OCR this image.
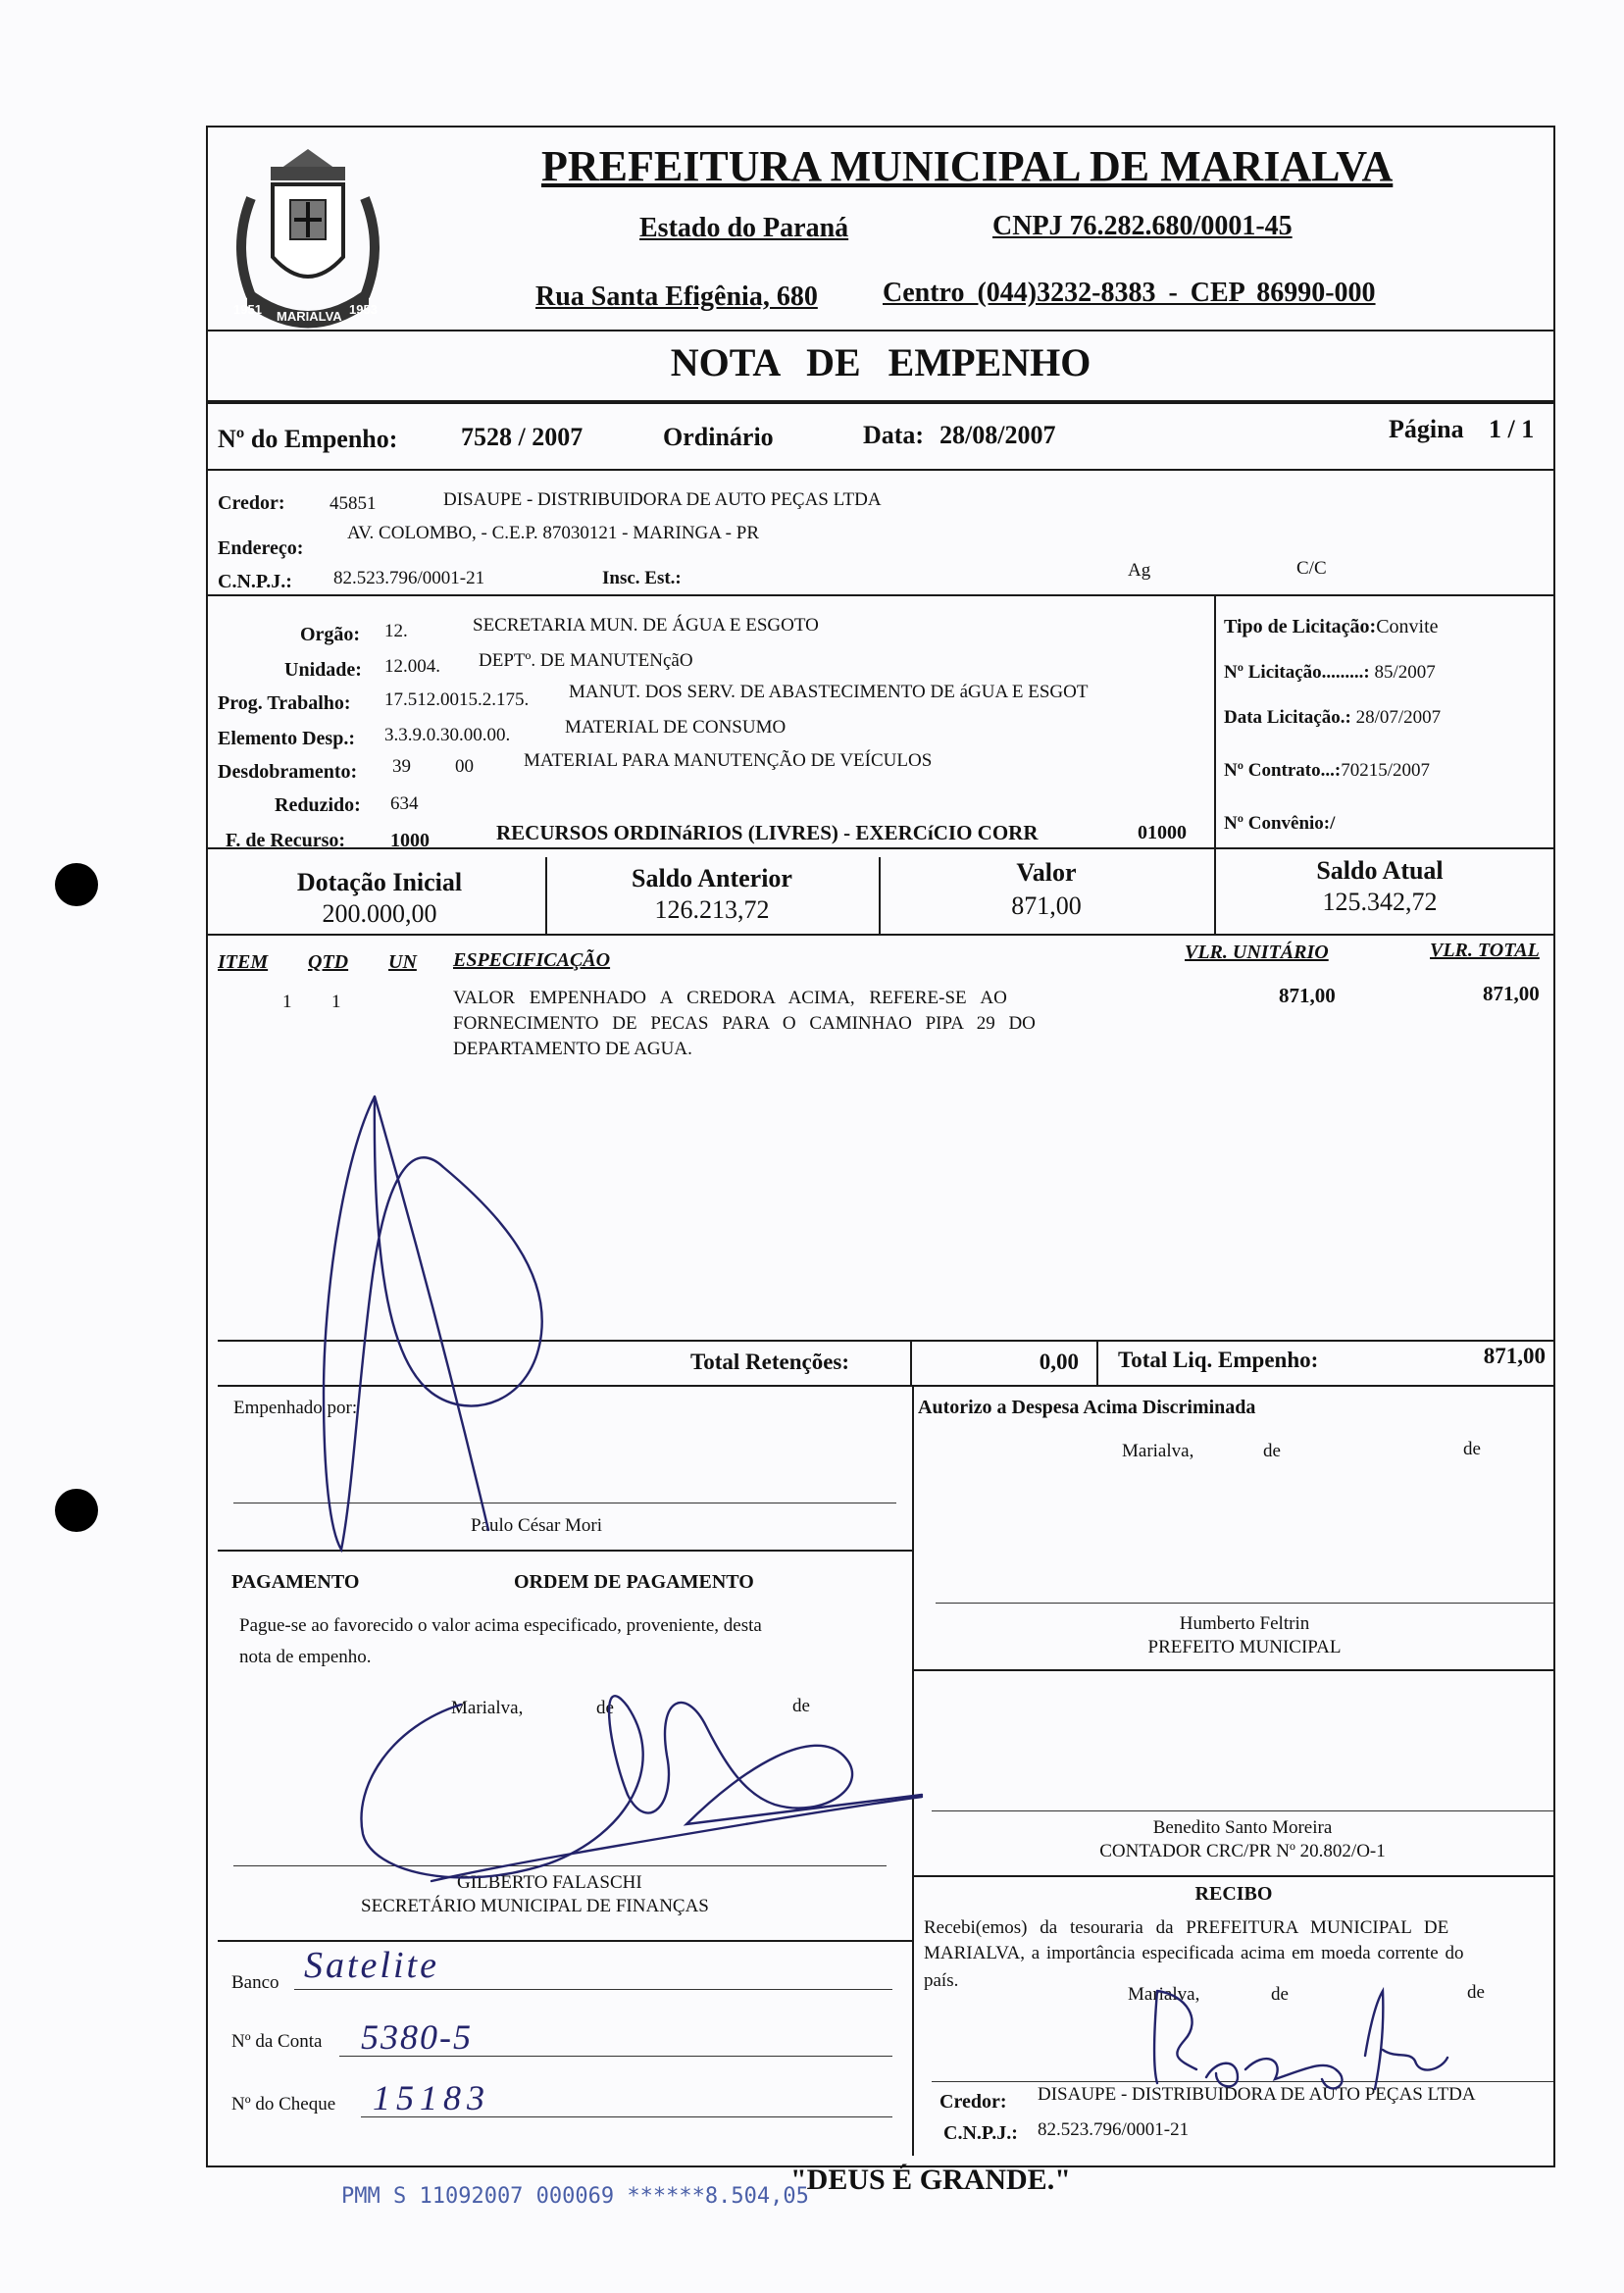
1951 MARIALVA 1953
PREFEITURA MUNICIPAL DE MARIALVA
Estado do Paraná	CNPJ 76.282.680/0001-45
Rua Santa Efigênia, 680 Centro (044)3232-8383 - CEP 86990-000
NOTA DE EMPENHO
Nº do Empenho: 7528 / 2007	Ordinário	Data: 28/08/2007	Página 1 / 1
Credor: 45851	DISAUPE - DISTRIBUIDORA DE AUTO PEÇAS LTDA
Endereço:
AV. COLOMBO, - C.E.P. 87030121 - MARINGA - PR
C.N.P.J.: 82.523.796/0001-21	Insc. Est.:	Ag	C/C
Orgão: 12.	SECRETARIA MUN. DE ÁGUA E ESGOTO
Unidade: 12.004. DEPTº. DE MANUTENçãO
Prog. Trabalho: 17.512.0015.2.175. MANUT. DOS SERV. DE ABASTECIMENTO DE áGUA E ESGOT
Elemento Desp.: 3.3.9.0.30.00.00.	MATERIAL DE CONSUMO
Desdobramento: 39 00	MATERIAL PARA MANUTENÇÃO DE VEÍCULOS
Reduzido: 634
F. de Recurso: 1000	RECURSOS ORDINáRIOS (LIVRES) - EXERCíCIO CORR	01000
Tipo de Licitação:Convite
Nº Licitação.........: 85/2007
Data Licitação.: 28/07/2007
Nº Contrato...:70215/2007
Nº Convênio:/
Dotação Inicial
200.000,00
Saldo Anterior
126.213,72
Valor
871,00
Saldo Atual
125.342,72
ITEM QTD UN ESPECIFICAÇÃO	VLR. UNITÁRIO	VLR. TOTAL
1 1	VALOR EMPENHADO A CREDORA ACIMA, REFERE-SE AO
FORNECIMENTO DE PECAS PARA O CAMINHAO PIPA 29 DO
DEPARTAMENTO DE AGUA.
871,00	871,00
Total Retenções:	0,00 Total Liq. Empenho:	871,00
Empenhado por:
Paulo César Mori
PAGAMENTO	ORDEM DE PAGAMENTO
Pague-se ao favorecido o valor acima especificado, proveniente, desta
nota de empenho.
Marialva,	de	de
GILBERTO FALASCHI
SECRETÁRIO MUNICIPAL DE FINANÇAS
Banco Satelite
Nº da Conta 5380-5
Nº do Cheque 15183
Autorizo a Despesa Acima Discriminada
Marialva,	de	de
Humberto Feltrin
PREFEITO MUNICIPAL
Benedito Santo Moreira
CONTADOR CRC/PR Nº 20.802/O-1
RECIBO
Recebi(emos) da tesouraria da PREFEITURA MUNICIPAL DE
MARIALVA, a importância especificada acima em moeda corrente do
país.
Marialva,	de	de
Credor: DISAUPE - DISTRIBUIDORA DE AUTO PEÇAS LTDA
C.N.P.J.: 82.523.796/0001-21
"DEUS É GRANDE."
PMM S 11092007 000069 ******8.504,05
